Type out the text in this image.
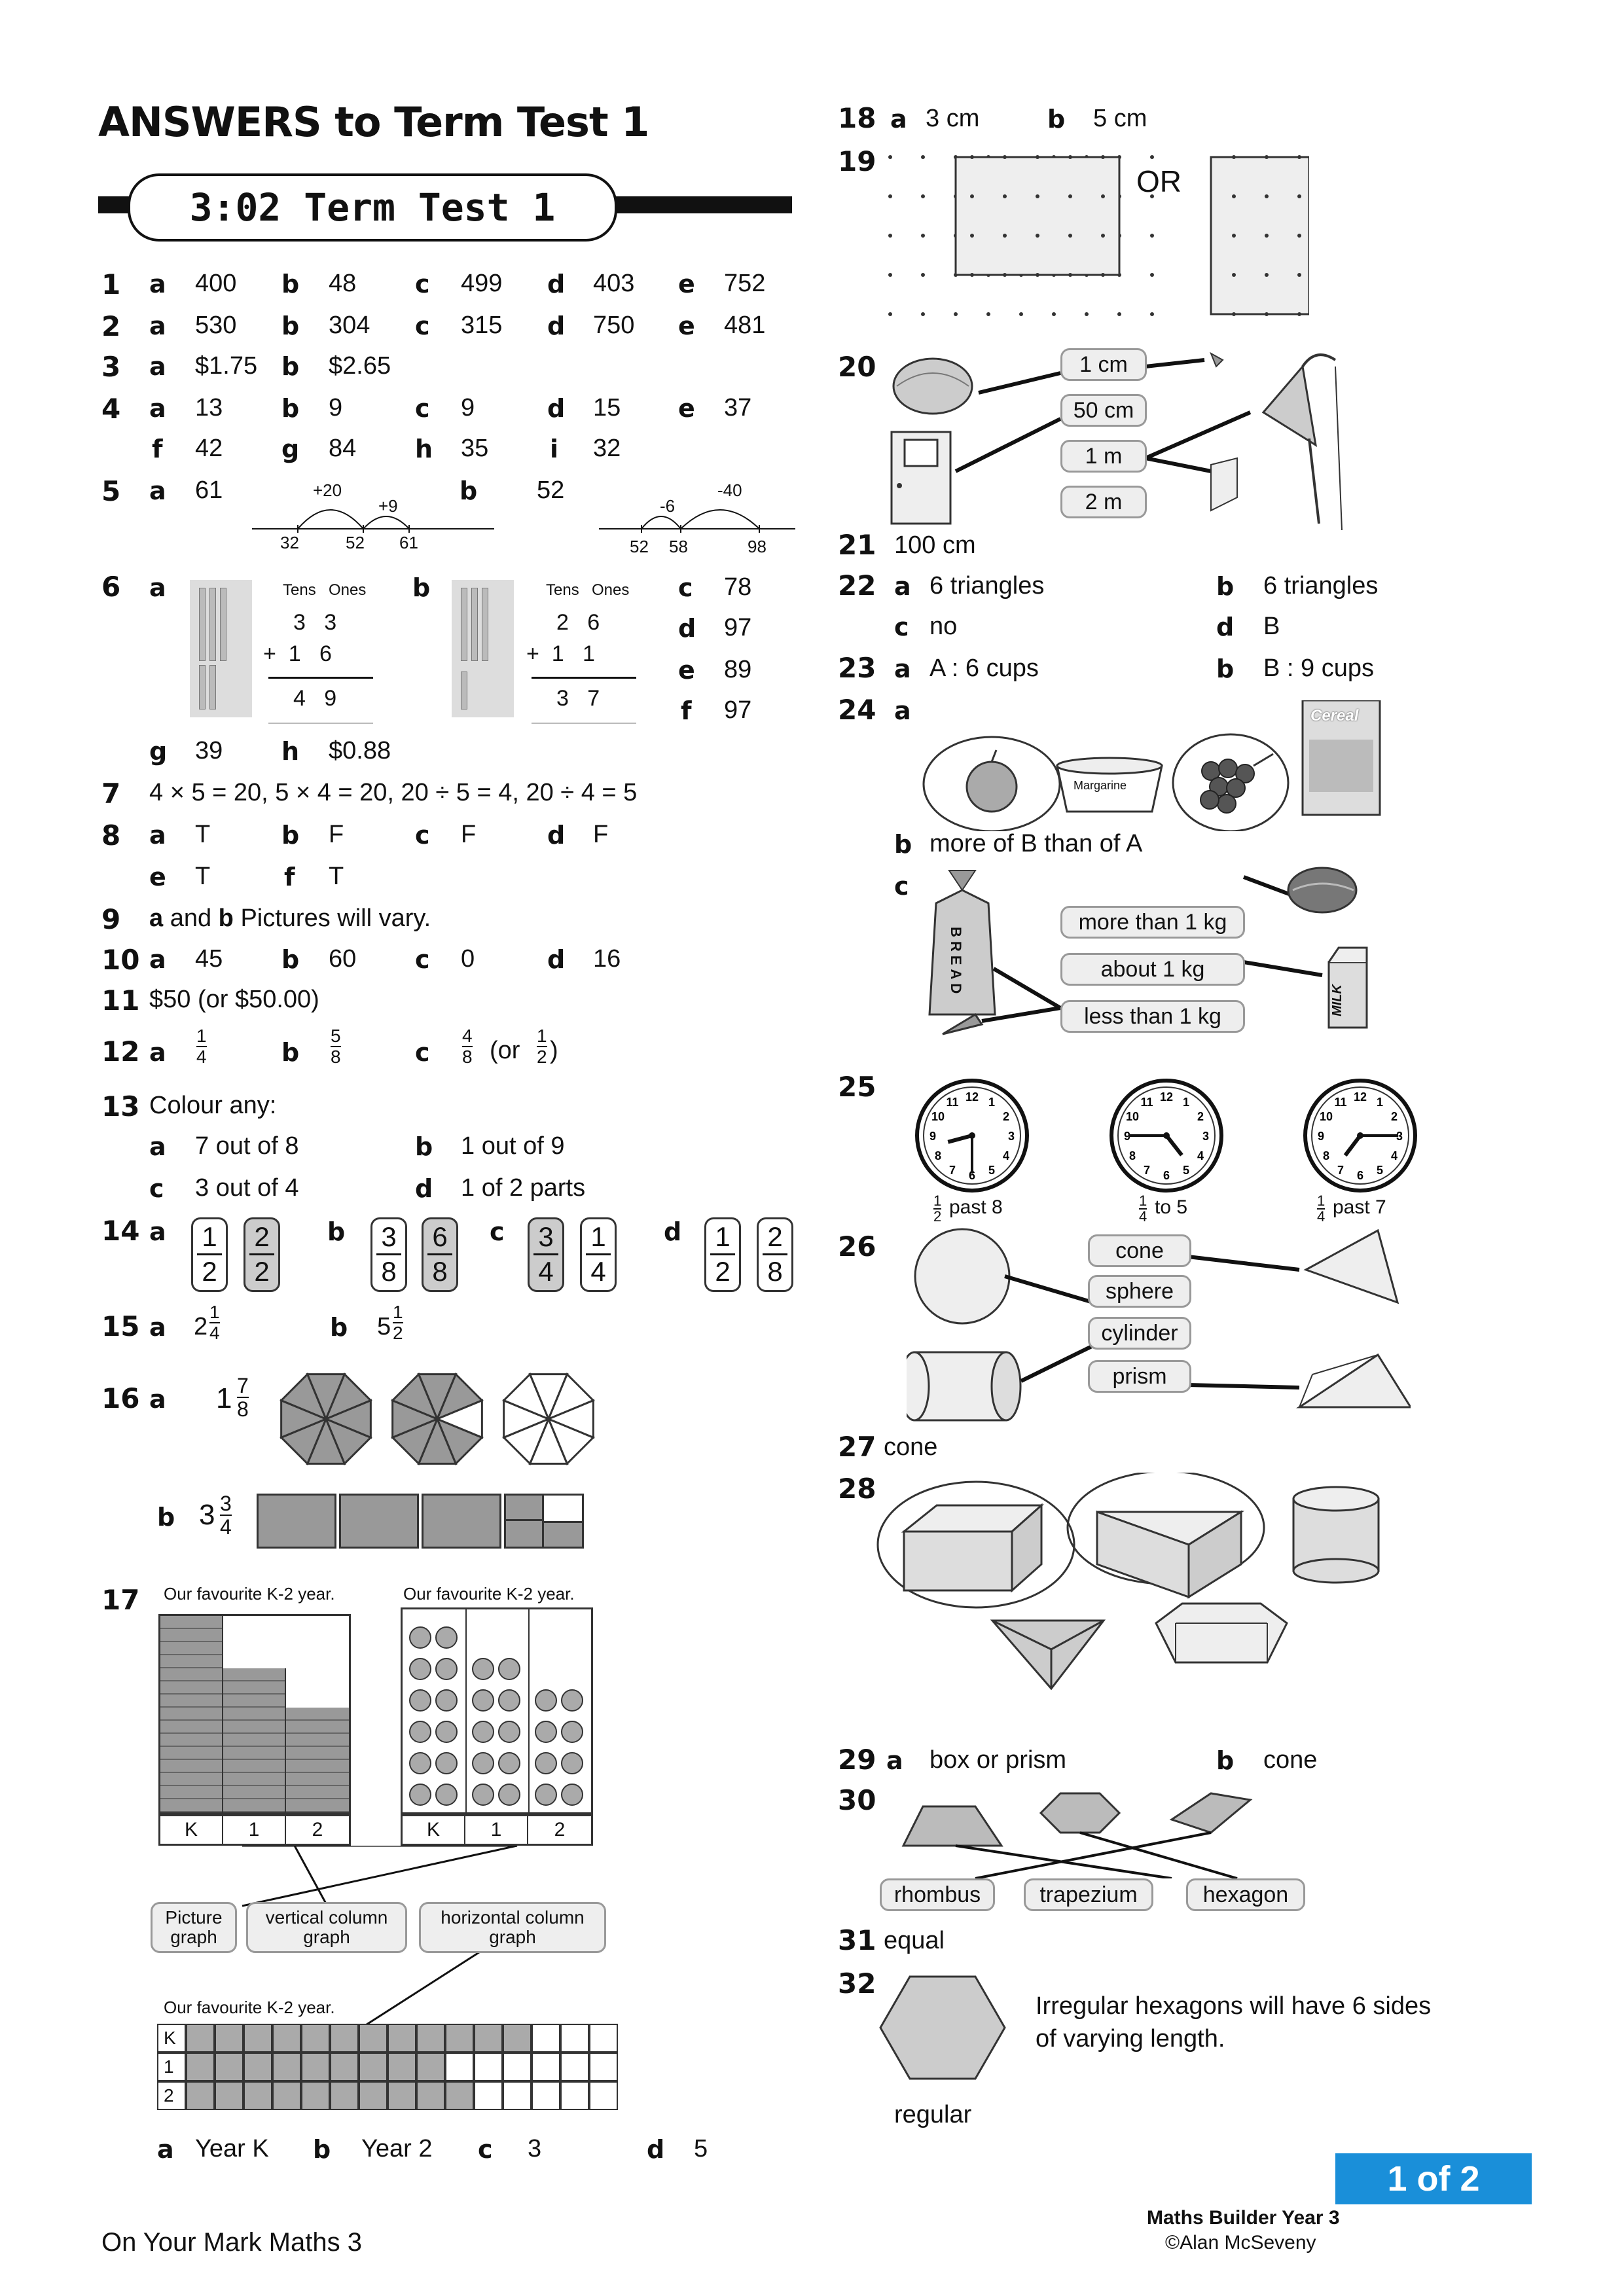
ANSWERS to Term Test 1
3:02 Term Test 1
1 a 400 b 48 c 499 d 403 e 752
2 a 530 b 304 c 315 d 750 e 481
3 a $1.75 b $2.65
4 a 13 b 9	c 9	d 15 e 37
f 42 g 84 h 35 i 32
5 a 61	+20
+9
32	52 61
b 52
-6
-40
52 58	98
6 a	Tens Ones
3   3
+  1   6
4   9
b	Tens Ones
2   6
+  1   1
3   7
c 78
d 97
e 89
f 97
g 39 h $0.88
7 4 × 5 = 20, 5 × 4 = 20, 20 ÷ 5 = 4, 20 ÷ 4 = 5
8 a T	b F	c F	d F
e T	f T
9 a and b Pictures will vary.
10 a 45 b 60 c 0	d 16
11 $50 (or $50.00)
12 a $\frac{1}{4}$	b $\frac{5}{8}$	c $\frac{4}{8} (or \frac{1}{2}$ )
13 Colour any:
a 7 out of 8	b 1 out of 9
c 3 out of 4	d 1 of 2 parts
14 a $\frac{1}{2} \frac{2}{2}$ b $\frac{3}{8} \frac{6}{8}$ c $\frac{3}{4} \frac{1}{4}$ d $\frac{1}{2} \frac{2}{8}$
15 a $2 \frac{1}{4}$	b $5 \frac{1}{2}$
16 a $1 \frac{7}{8}$
b $3 \frac{3}{4}$
17 Our favourite K-2 year.
K	1	2
Our favourite K-2 year.
K	1	2
Picture graph
vertical column graph
horizontal column graph
Our favourite K-2 year.
K
1
2
a Year K b Year 2 c 3	d 5
18 a 3 cm	b 5 cm
19
OR
20	1 cm
50 cm
1 m
2 m
21 100 cm
22 a 6 triangles	b 6 triangles
c no	d B
23 a A : 6 cups	b B : 9 cups
24 a
Margarine
Cereal
b more of B than of A
c
BREAD
MILK
more than 1 kg
about 1 kg
less than 1 kg
25	1
2
3
4
5
6
7
8
9
10
11 12	1
2
3
4
5
6
7
8
9
10
11 12	1
2
3
4
5
6
7
8
9
10
11 12
$\frac{1}{2}$ past 8	$\frac{1}{4}$ to 5	$\frac{1}{4}$ past 7
26	cone
sphere
cylinder
prism
27 cone
28
29 a box or prism	b cone
30
rhombus	trapezium	hexagon
31 equal
32
Irregular hexagons will have 6 sides
of varying length.
regular
On Your Mark Maths 3
1 of 2
Maths Builder Year 3
©Alan McSeveny
